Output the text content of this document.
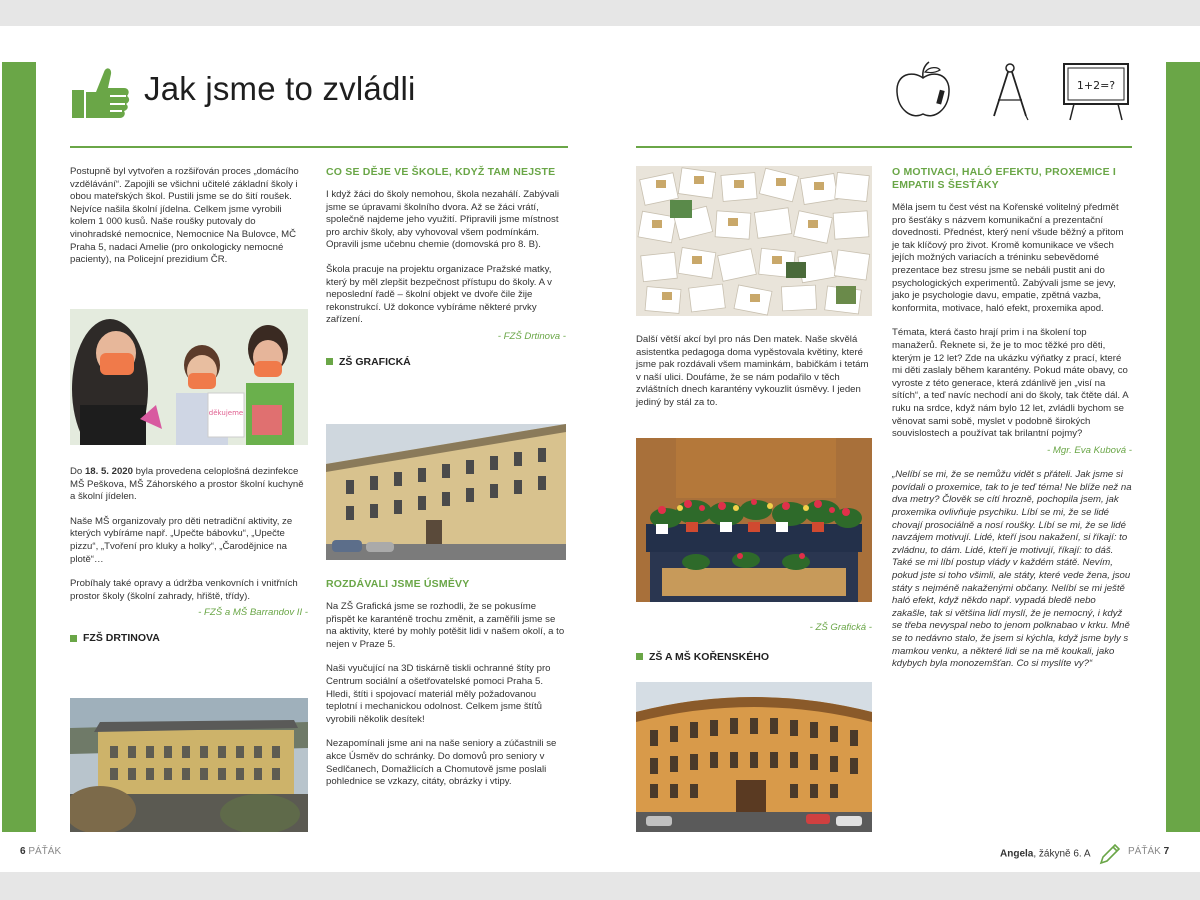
Jak jsme to zvládli	1+2=?

Postupně byl vytvořen a rozšiřován proces „domácího vzdělávání“. Zapojili se všichni učitelé základní školy i obou mateřských škol. Pustili jsme se do šití roušek. Nejvíce našila školní jídelna. Celkem jsme vyrobili kolem 1 000 kusů. Naše roušky putovaly do vinohradské nemocnice, Nemocnice Na Bulovce, MČ Praha 5, nadaci Amelie (pro onkologicky nemocné pacienty), na Policejní prezidium ČR.

děkujeme

Do 18. 5. 2020 byla provedena celoplošná dezinfekce MŠ Peškova, MŠ Záhorského a prostor školní kuchyně a školní jídelen.

Naše MŠ organizovaly pro děti netradiční aktivity, ze kterých vybíráme např. „Upečte bábovku“, „Upečte pizzu“, „Tvoření pro kluky a holky“, „Čarodějnice na plotě“…

Probíhaly také opravy a údržba venkovních i vnitřních prostor školy (školní zahrady, hřiště, třídy).

- FZŠ a MŠ Barrandov II -

FZŠ DRTINOVA
CO SE DĚJE VE ŠKOLE, KDYŽ TAM NEJSTE

I když žáci do školy nemohou, škola nezahálí. Zabývali jsme se úpravami školního dvora. Až se žáci vrátí, společně najdeme jeho využití. Připravili jsme místnost pro archiv školy, aby vyhovoval všem podmínkám. Opravili jsme učebnu chemie (domovská pro 8. B).

Škola pracuje na projektu organizace Pražské matky, který by měl zlepšit bezpečnost přístupu do školy. A v neposlední řadě – školní objekt ve dvoře čile žije rekonstrukcí. Už dokonce vybíráme některé prvky zařízení.

- FZŠ Drtinova -

ZŠ GRAFICKÁ
ROZDÁVALI JSME ÚSMĚVY

Na ZŠ Grafická jsme se rozhodli, že se pokusíme přispět ke karanténě trochu změnit, a zaměřili jsme se na aktivity, které by mohly potěšit lidi v našem okolí, a to nejen v Praze 5.

Naši vyučující na 3D tiskárně tiskli ochranné štíty pro Centrum sociální a ošetřovatelské pomoci Praha 5. Hledi, štíti i spojovací materiál měly požadovanou teplotní i mechanickou odolnost. Celkem jsme štítů vyrobili několik desítek!

Nezapomínali jsme ani na naše seniory a zúčastnili se akce Úsměv do schránky. Do domovů pro seniory v Sedlčanech, Domažlicích a Chomutově jsme poslali pohlednice se vzkazy, citáty, obrázky i vtipy.

Další větší akcí byl pro nás Den matek. Naše skvělá asistentka pedagoga doma vypěstovala květiny, které jsme pak rozdávali všem maminkám, babičkám i tetám v naší ulici. Doufáme, že se nám podařilo v těch zvláštních dnech karantény vykouzlit úsměvy. I jeden jediný by stál za to.

- ZŠ Grafická -

ZŠ A MŠ KOŘENSKÉHO
O MOTIVACI, HALÓ EFEKTU, PROXEMICE I EMPATII S ŠESŤÁKY

Měla jsem tu čest vést na Kořenské volitelný předmět pro šesťáky s názvem komunikační a prezentační dovednosti. Přednést, který není všude běžný a přitom je tak klíčový pro život. Kromě komunikace ve všech jejích možných variacích a tréninku sebevědomé prezentace bez stresu jsme se nebáli pustit ani do psychologických experimentů. Zabývali jsme se jevy, jako je psychologie davu, empatie, zpětná vazba, konformita, motivace, haló efekt, proxemika apod.

Témata, která často hrají prim i na školení top manažerů. Řeknete si, že je to moc těžké pro děti, kterým je 12 let? Zde na ukázku výňatky z prací, které mi děti zaslaly během karantény. Pokud máte obavy, co vyroste z této generace, která zdánlivě jen „visí na sítích“, a teď navíc nechodí ani do školy, tak čtěte dál. A ruku na srdce, když nám bylo 12 let, zvládli bychom se věnovat sami sobě, myslet v podobně širokých souvislostech a používat tak brilantní pojmy?

- Mgr. Eva Kubová -

„Nelíbí se mi, že se nemůžu vidět s přáteli. Jak jsme si povídali o proxemice, tak to je teď téma! Ne blíže než na dva metry? Člověk se cítí hrozně, pochopila jsem, jak proxemika ovlivňuje psychiku. Líbí se mi, že se lidé chovají prosociálně a nosí roušky. Líbí se mi, že se lidé navzájem motivují. Lidé, kteří jsou nakažení, si říkají: to zvládnu, to dám. Lidé, kteří je motivují, říkají: to dáš. Také se mi líbí postup vlády v každém státě. Nevím, pokud jste si toho všimli, ale státy, které vede žena, jsou státy s nejméně nakaženými občany. Nelíbí se mi ještě haló efekt, když někdo např. vypadá bledě nebo zakašle, tak si většina lidí myslí, že je nemocný, i když se třeba nevyspal nebo to jenom polknabao v krku. Mně se to nedávno stalo, že jsem si kýchla, když jsme byly s mamkou venku, a některé lidi se na mě koukali, jako kdybych byla monozemšťan. Co si myslíte vy?“

Angela, žákyně 6. A
6 PÁŤÁK	PÁŤÁK 7
